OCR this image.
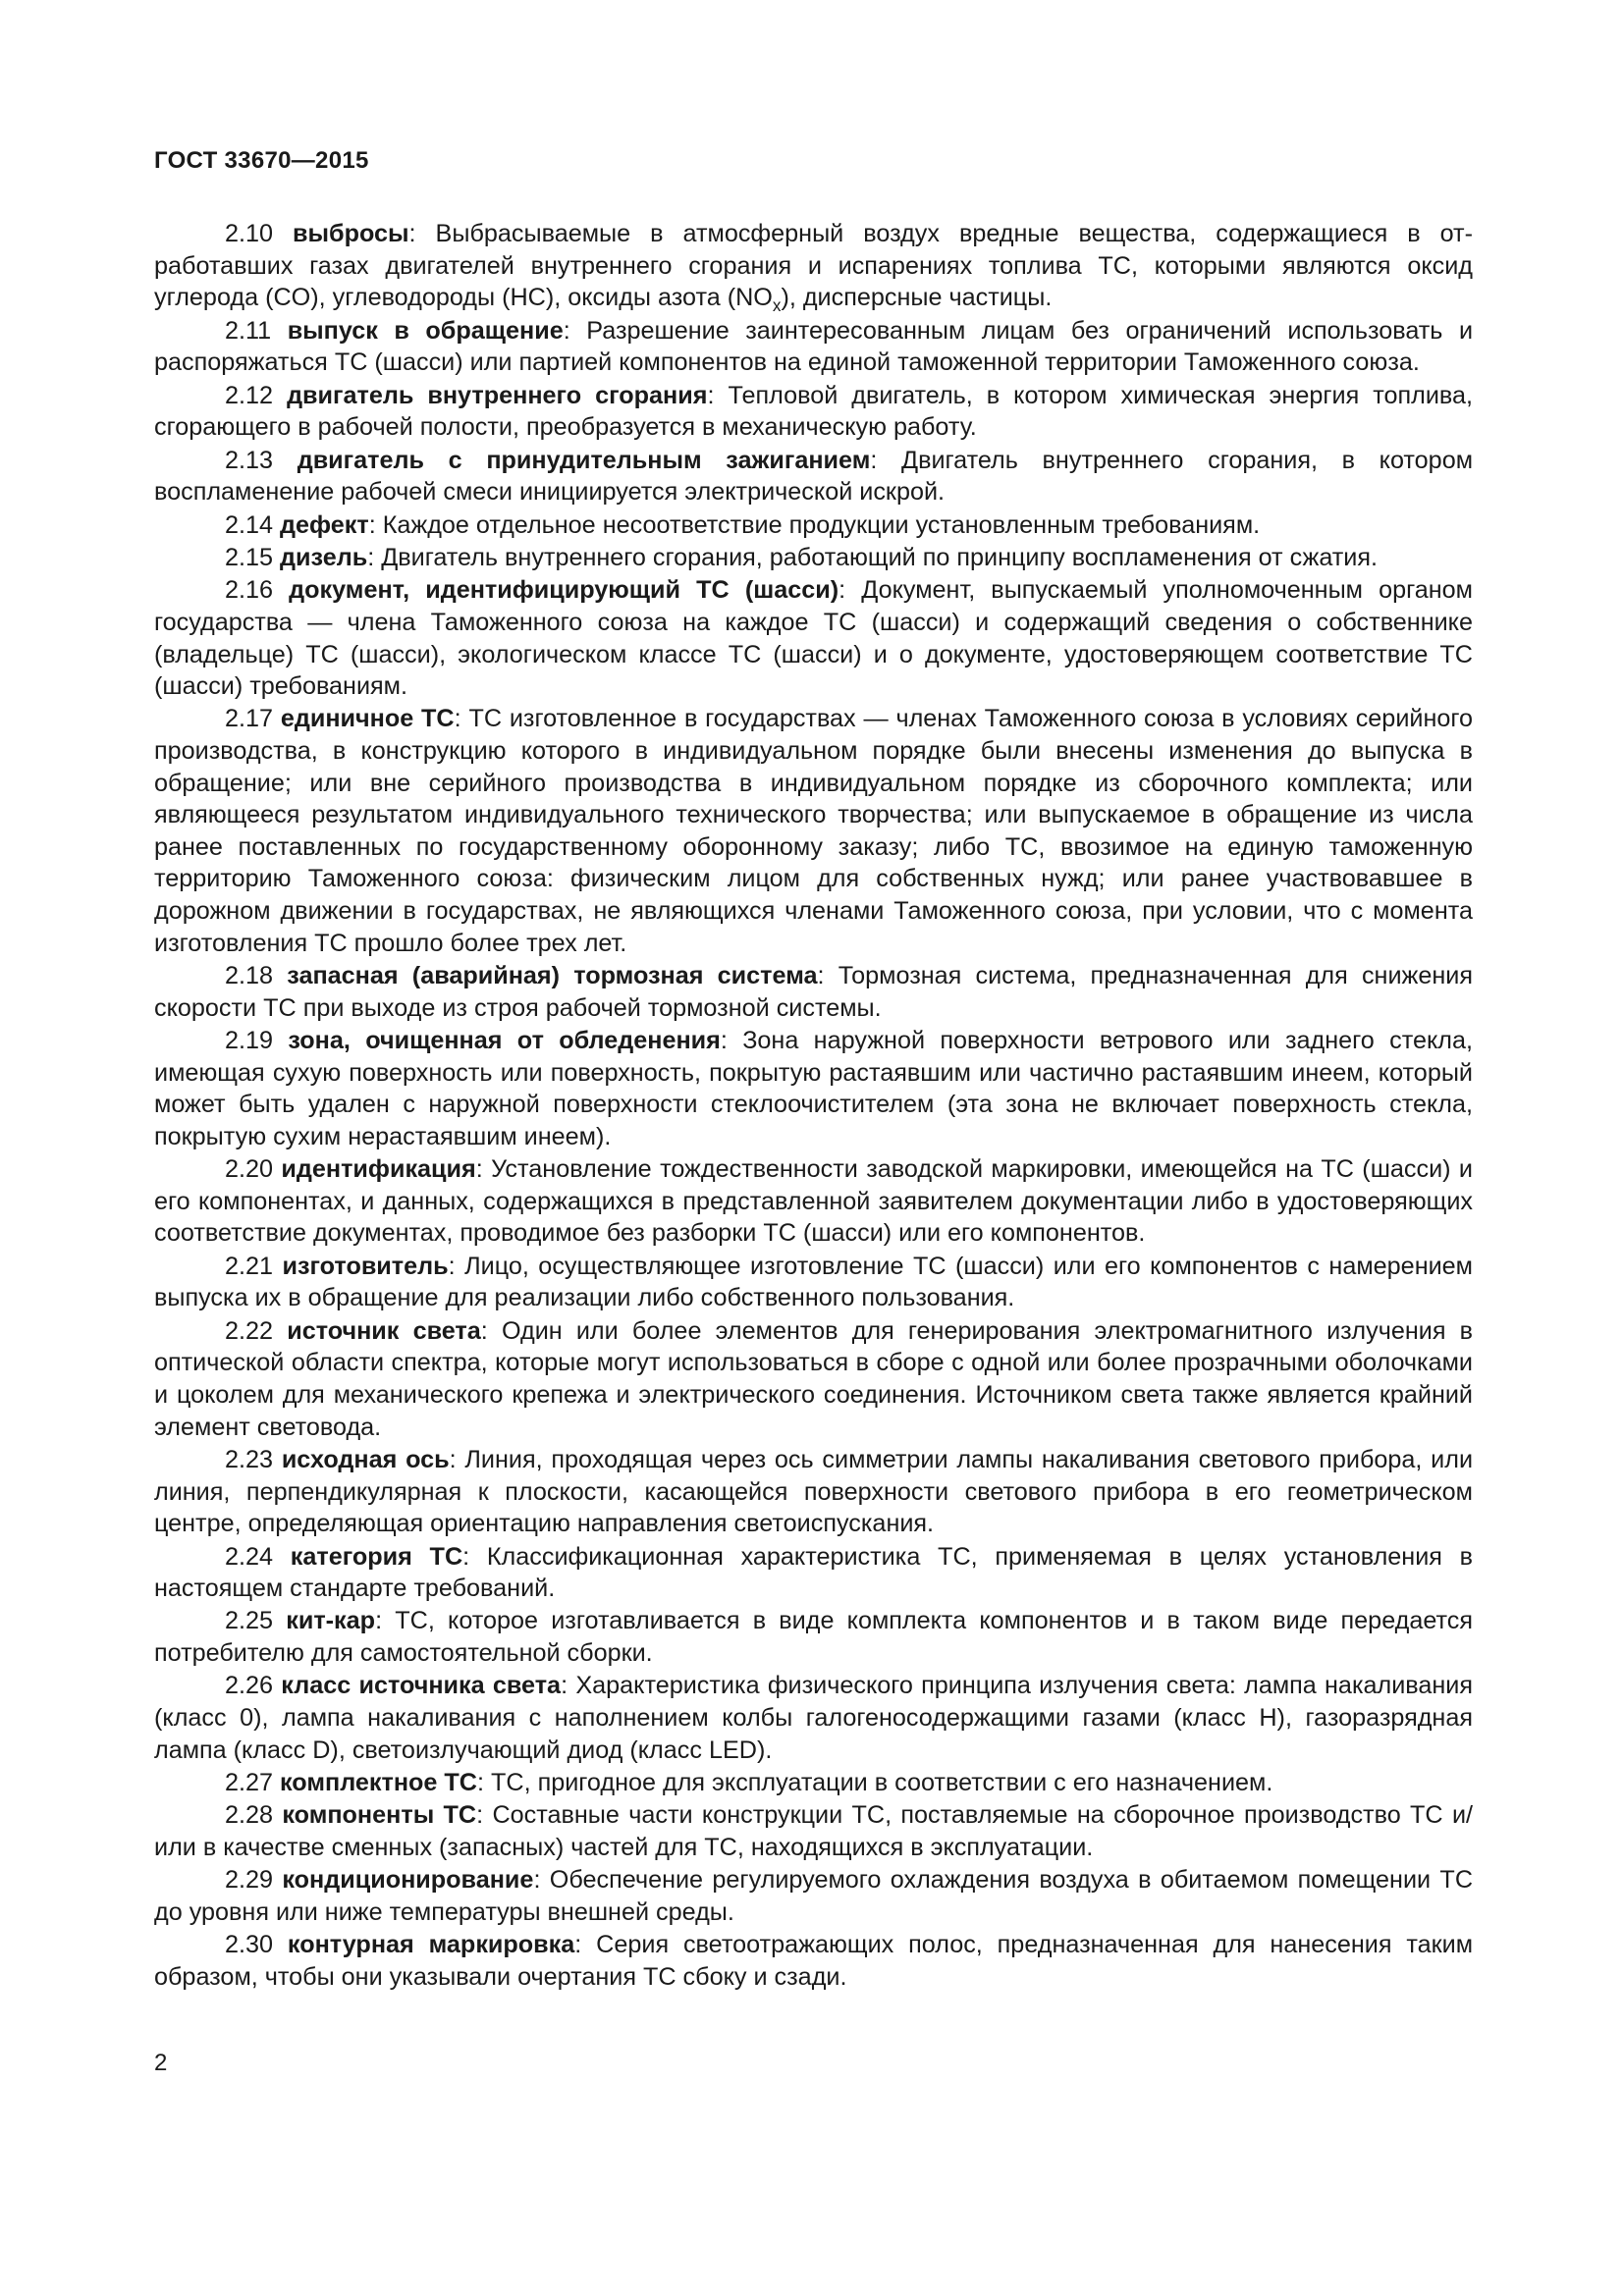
ГОСТ 33670—2015

2.10 выбросы: Выбрасываемые в атмосферный воздух вредные вещества, содержащиеся в отработавших газах двигателей внутреннего сгорания и испарениях топлива ТС, которыми являются оксид углерода (CO), углеводороды (HC), оксиды азота $(NO_x)$, дисперсные частицы.

2.11 выпуск в обращение: Разрешение заинтересованным лицам без ограничений использовать и распоряжаться ТС (шасси) или партией компонентов на единой таможенной территории Таможенного союза.

2.12 двигатель внутреннего сгорания: Тепловой двигатель, в котором химическая энергия топлива, сгорающего в рабочей полости, преобразуется в механическую работу.

2.13 двигатель с принудительным зажиганием: Двигатель внутреннего сгорания, в котором воспламенение рабочей смеси инициируется электрической искрой.

2.14 дефект: Каждое отдельное несоответствие продукции установленным требованиям.

2.15 дизель: Двигатель внутреннего сгорания, работающий по принципу воспламенения от сжатия.

2.16 документ, идентифицирующий ТС (шасси): Документ, выпускаемый уполномоченным органом государства — члена Таможенного союза на каждое ТС (шасси) и содержащий сведения о собственнике (владельце) ТС (шасси), экологическом классе ТС (шасси) и о документе, удостоверяющем соответствие ТС (шасси) требованиям.

2.17 единичное ТС: ТС изготовленное в государствах — членах Таможенного союза в условиях серийного производства, в конструкцию которого в индивидуальном порядке были внесены изменения до выпуска в обращение; или вне серийного производства в индивидуальном порядке из сборочного комплекта; или являющееся результатом индивидуального технического творчества; или выпускаемое в обращение из числа ранее поставленных по государственному оборонному заказу; либо ТС, ввозимое на единую таможенную территорию Таможенного союза: физическим лицом для собственных нужд; или ранее участвовавшее в дорожном движении в государствах, не являющихся членами Таможенного союза, при условии, что с момента изготовления ТС прошло более трех лет.

2.18 запасная (аварийная) тормозная система: Тормозная система, предназначенная для снижения скорости ТС при выходе из строя рабочей тормозной системы.

2.19 зона, очищенная от обледенения: Зона наружной поверхности ветрового или заднего стекла, имеющая сухую поверхность или поверхность, покрытую растаявшим или частично растаявшим инеем, который может быть удален с наружной поверхности стеклоочистителем (эта зона не включает поверхность стекла, покрытую сухим нерастаявшим инеем).

2.20 идентификация: Установление тождественности заводской маркировки, имеющейся на ТС (шасси) и его компонентах, и данных, содержащихся в представленной заявителем документации либо в удостоверяющих соответствие документах, проводимое без разборки ТС (шасси) или его компонентов.

2.21 изготовитель: Лицо, осуществляющее изготовление ТС (шасси) или его компонентов с намерением выпуска их в обращение для реализации либо собственного пользования.

2.22 источник света: Один или более элементов для генерирования электромагнитного излучения в оптической области спектра, которые могут использоваться в сборе с одной или более прозрачными оболочками и цоколем для механического крепежа и электрического соединения. Источником света также является крайний элемент световода.

2.23 исходная ось: Линия, проходящая через ось симметрии лампы накаливания светового прибора, или линия, перпендикулярная к плоскости, касающейся поверхности светового прибора в его геометрическом центре, определяющая ориентацию направления светоиспускания.

2.24 категория ТС: Классификационная характеристика ТС, применяемая в целях установления в настоящем стандарте требований.

2.25 кит-кар: ТС, которое изготавливается в виде комплекта компонентов и в таком виде передается потребителю для самостоятельной сборки.

2.26 класс источника света: Характеристика физического принципа излучения света: лампа накаливания (класс 0), лампа накаливания с наполнением колбы галогеносодержащими газами (класс H), газоразрядная лампа (класс D), светоизлучающий диод (класс LED).

2.27 комплектное ТС: ТС, пригодное для эксплуатации в соответствии с его назначением.

2.28 компоненты ТС: Составные части конструкции ТС, поставляемые на сборочное производство ТС и/или в качестве сменных (запасных) частей для ТС, находящихся в эксплуатации.

2.29 кондиционирование: Обеспечение регулируемого охлаждения воздуха в обитаемом помещении ТС до уровня или ниже температуры внешней среды.

2.30 контурная маркировка: Серия светоотражающих полос, предназначенная для нанесения таким образом, чтобы они указывали очертания ТС сбоку и сзади.

2
